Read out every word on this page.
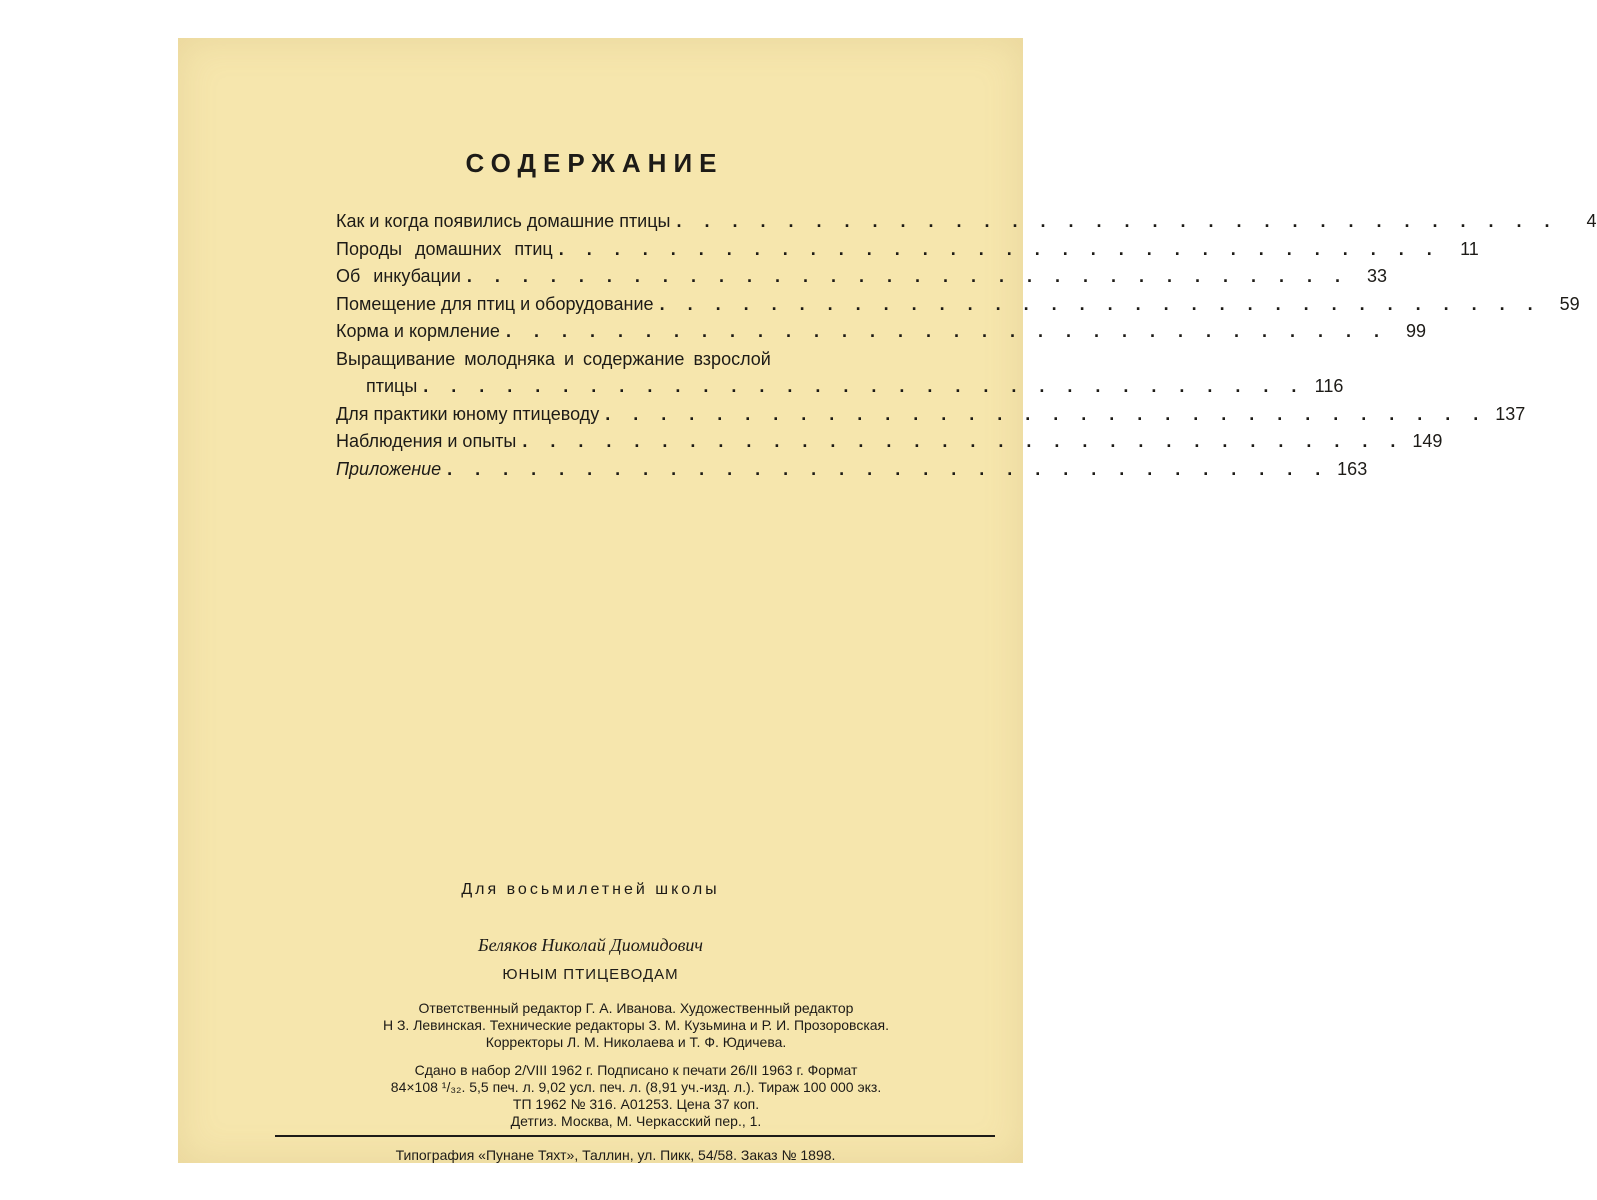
СОДЕРЖАНИЕ
Как и когда появились домашние птицы . . . . . . . . . . . . . . . . . . . . . . . . . . . . . . . .	4
Породы домашних птиц . . . . . . . . . . . . . . . . . . . . . . . . . . . . . . . .	11
Об инкубации . . . . . . . . . . . . . . . . . . . . . . . . . . . . . . . . 33
Помещение для птиц и оборудование . . . . . . . . . . . . . . . . . . . . . . . . . . . . . . . . 59
Корма и кормление . . . . . . . . . . . . . . . . . . . . . . . . . . . . . . . . 99
Выращивание молодняка и содержание взрослой
птицы . . . . . . . . . . . . . . . . . . . . . . . . . . . . . . . . 116
Для практики юному птицеводу . . . . . . . . . . . . . . . . . . . . . . . . . . . . . . . . 137
Наблюдения и опыты . . . . . . . . . . . . . . . . . . . . . . . . . . . . . . . . 149
Приложение . . . . . . . . . . . . . . . . . . . . . . . . . . . . . . . . 163
Для восьмилетней школы
Беляков Николай Диомидович
ЮНЫМ ПТИЦЕВОДАМ
Ответственный редактор Г. А. Иванова. Художественный редактор
Н З. Левинская. Технические редакторы З. М. Кузьмина и Р. И. Прозоровская.
Корректоры Л. М. Николаева и Т. Ф. Юдичева.
Сдано в набор 2/VIII 1962 г. Подписано к печати 26/II 1963 г. Формат
84×108 ¹/₃₂. 5,5 печ. л. 9,02 усл. печ. л. (8,91 уч.-изд. л.). Тираж 100 000 экз.
ТП 1962 № 316. А01253. Цена 37 коп.
Детгиз. Москва, М. Черкасский пер., 1.
Типография «Пунане Тяхт», Таллин, ул. Пикк, 54/58. Заказ № 1898.
